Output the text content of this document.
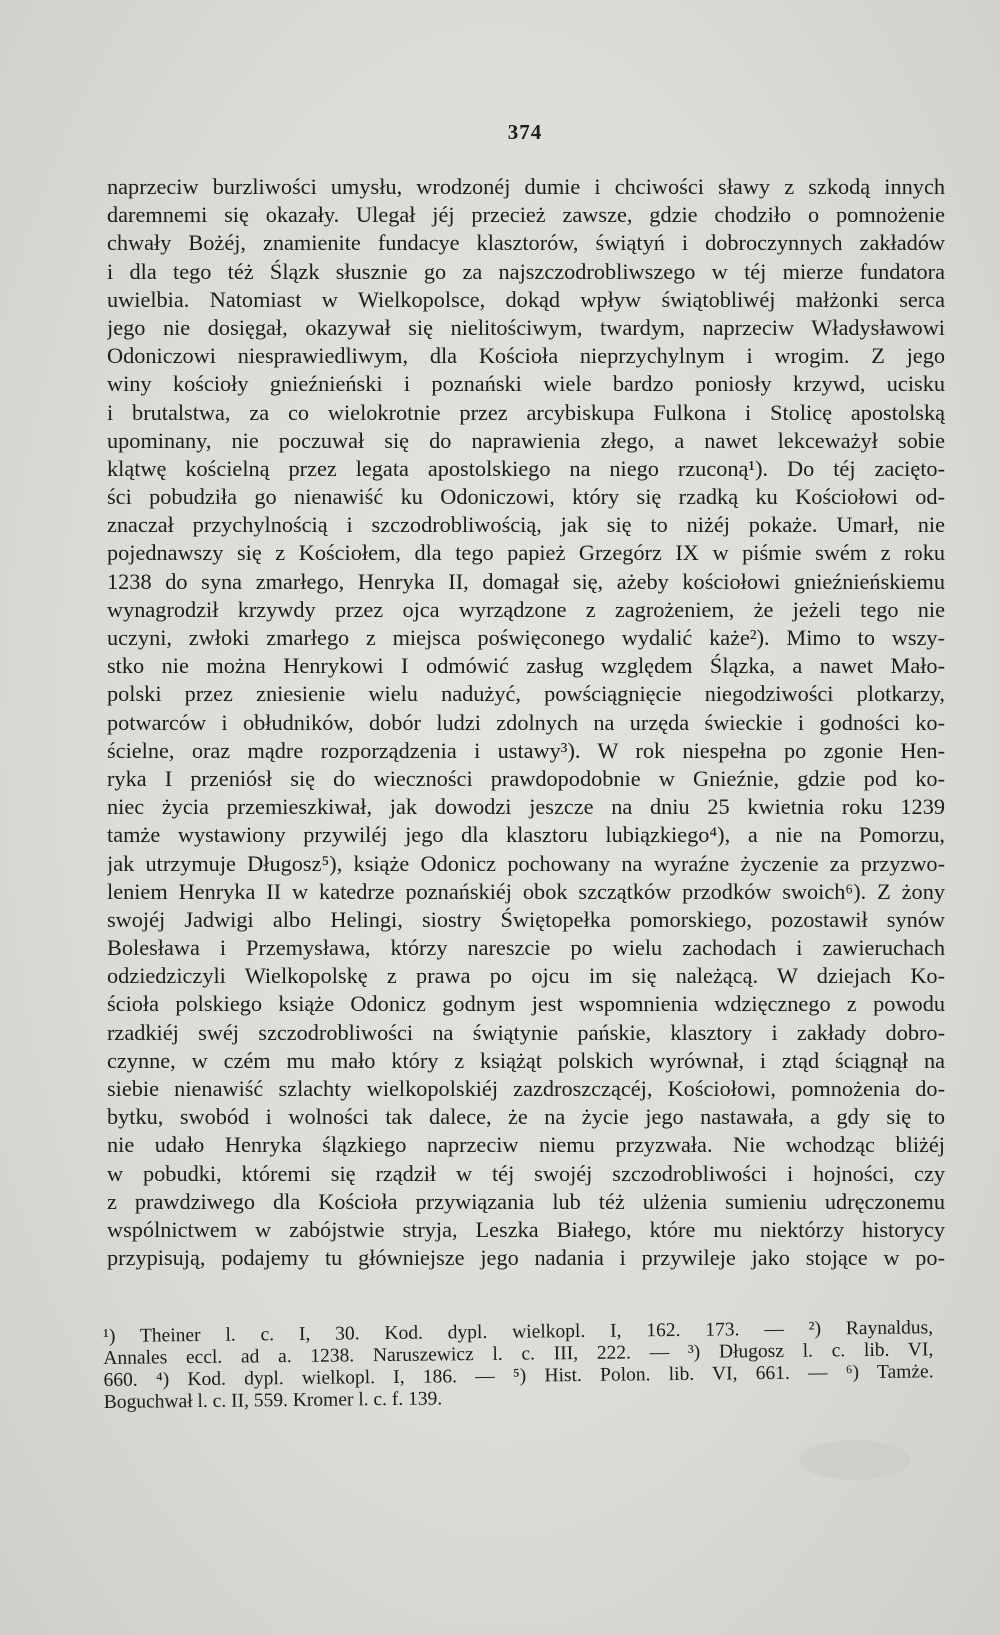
374
naprzeciw burzliwości umysłu, wrodzonéj dumie i chciwości sławy z szkodą innych
daremnemi się okazały. Ulegał jéj przecież zawsze, gdzie chodziło o pomnożenie
chwały Bożéj, znamienite fundacye klasztorów, świątyń i dobroczynnych zakładów
i dla tego téż Ślązk słusznie go za najszczodrobliwszego w téj mierze fundatora
uwielbia. Natomiast w Wielkopolsce, dokąd wpływ świątobliwéj małżonki serca
jego nie dosięgał, okazywał się nielitościwym, twardym, naprzeciw Władysławowi
Odoniczowi niesprawiedliwym, dla Kościoła nieprzychylnym i wrogim. Z jego
winy kościoły gnieźnieński i poznański wiele bardzo poniosły krzywd, ucisku
i brutalstwa, za co wielokrotnie przez arcybiskupa Fulkona i Stolicę apostolską
upominany, nie poczuwał się do naprawienia złego, a nawet lekceważył sobie
klątwę kościelną przez legata apostolskiego na niego rzuconą¹). Do téj zacięto-
ści pobudziła go nienawiść ku Odoniczowi, który się rzadką ku Kościołowi od-
znaczał przychylnością i szczodrobliwością, jak się to niżéj pokaże. Umarł, nie
pojednawszy się z Kościołem, dla tego papież Grzegórz IX w piśmie swém z roku
1238 do syna zmarłego, Henryka II, domagał się, ażeby kościołowi gnieźnieńskiemu
wynagrodził krzywdy przez ojca wyrządzone z zagrożeniem, że jeżeli tego nie
uczyni, zwłoki zmarłego z miejsca poświęconego wydalić każe²). Mimo to wszy-
stko nie można Henrykowi I odmówić zasług względem Ślązka, a nawet Mało-
polski przez zniesienie wielu nadużyć, powściągnięcie niegodziwości plotkarzy,
potwarców i obłudników, dobór ludzi zdolnych na urzęda świeckie i godności ko-
ścielne, oraz mądre rozporządzenia i ustawy³). W rok niespełna po zgonie Hen-
ryka I przeniósł się do wieczności prawdopodobnie w Gnieźnie, gdzie pod ko-
niec życia przemieszkiwał, jak dowodzi jeszcze na dniu 25 kwietnia roku 1239
tamże wystawiony przywiléj jego dla klasztoru lubiązkiego⁴), a nie na Pomorzu,
jak utrzymuje Długosz⁵), książe Odonicz pochowany na wyraźne życzenie za przyzwo-
leniem Henryka II w katedrze poznańskiéj obok szczątków przodków swoich⁶). Z żony
swojéj Jadwigi albo Helingi, siostry Świętopełka pomorskiego, pozostawił synów
Bolesława i Przemysława, którzy nareszcie po wielu zachodach i zawieruchach
odziedziczyli Wielkopolskę z prawa po ojcu im się należącą. W dziejach Ko-
ścioła polskiego książe Odonicz godnym jest wspomnienia wdzięcznego z powodu
rzadkiéj swéj szczodrobliwości na świątynie pańskie, klasztory i zakłady dobro-
czynne, w czém mu mało który z książąt polskich wyrównał, i ztąd ściągnął na
siebie nienawiść szlachty wielkopolskiéj zazdroszczącéj, Kościołowi, pomnożenia do-
bytku, swobód i wolności tak dalece, że na życie jego nastawała, a gdy się to
nie udało Henryka ślązkiego naprzeciw niemu przyzwała. Nie wchodząc bliżéj
w pobudki, któremi się rządził w téj swojéj szczodrobliwości i hojności, czy
z prawdziwego dla Kościoła przywiązania lub téż ulżenia sumieniu udręczonemu
wspólnictwem w zabójstwie stryja, Leszka Białego, które mu niektórzy historycy
przypisują, podajemy tu główniejsze jego nadania i przywileje jako stojące w po-
¹) Theiner l. c. I, 30. Kod. dypl. wielkopl. I, 162. 173. — ²) Raynaldus,
Annales eccl. ad a. 1238. Naruszewicz l. c. III, 222. — ³) Długosz l. c. lib. VI,
660. ⁴) Kod. dypl. wielkopl. I, 186. — ⁵) Hist. Polon. lib. VI, 661. — ⁶) Tamże.
Boguchwał l. c. II, 559. Kromer l. c. f. 139.
